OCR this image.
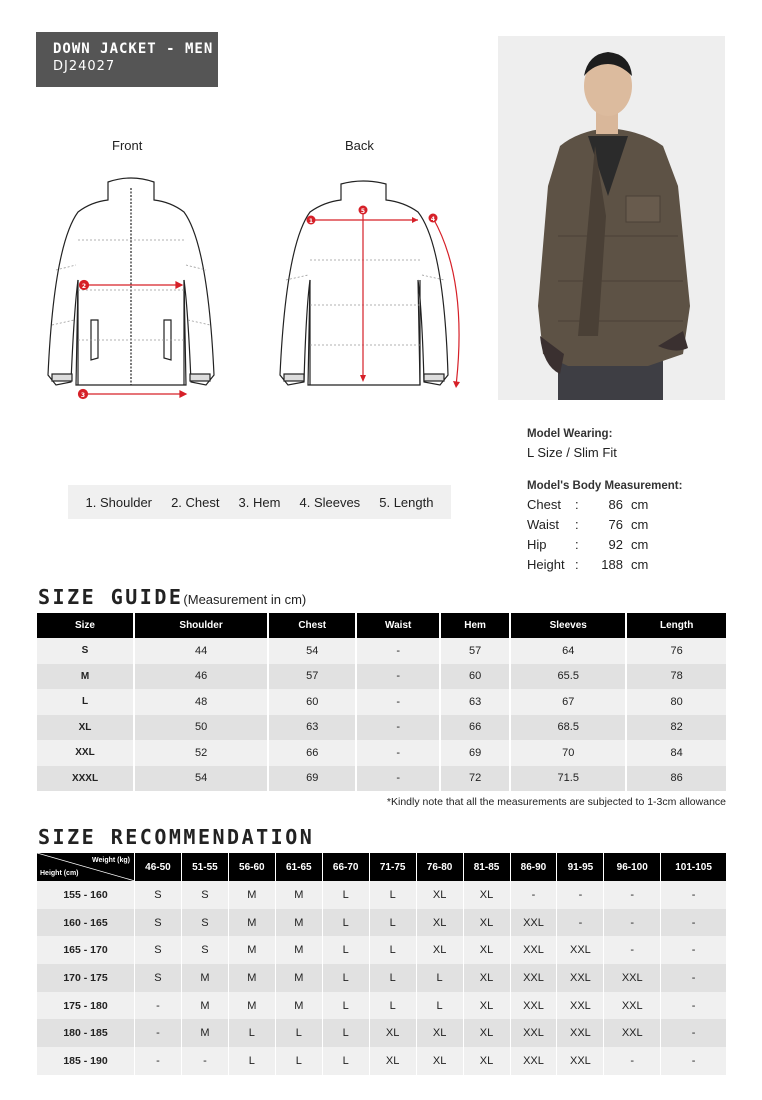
DOWN JACKET - MEN
DJ24027
Front	Back
2
3
1
5
4
1. Shoulder 2. Chest 3. Hem 4. Sleeves 5. Length
Model Wearing:
L Size / Slim Fit
Model's Body Measurement:
Chest	:	86 cm
Waist	:	76 cm
Hip	:	92 cm
Height :	188 cm
SIZE GUIDE(Measurement in cm)
Size	Shoulder	Chest	Waist	Hem	Sleeves	Length
S	44	54	-	57	64	76
M	46	57	-	60	65.5	78
L	48	60	-	63	67	80
XL	50	63	-	66	68.5	82
XXL	52	66	-	69	70	84
XXXL	54	69	-	72	71.5	86
*Kindly note that all the measurements are subjected to 1-3cm allowance
SIZE RECOMMENDATION
Weight (kg)
Height (cm)	46-50	51-55	56-60	61-65	66-70	71-75	76-80	81-85	86-90	91-95	96-100	101-105
155 - 160	S	S	M	M	L	L	XL	XL	-	-	-	-
160 - 165	S	S	M	M	L	L	XL	XL	XXL	-	-	-
165 - 170	S	S	M	M	L	L	XL	XL	XXL	XXL	-	-
170 - 175	S	M	M	M	L	L	L	XL	XXL	XXL	XXL	-
175 - 180	-	M	M	M	L	L	L	XL	XXL	XXL	XXL	-
180 - 185	-	M	L	L	L	XL	XL	XL	XXL	XXL	XXL	-
185 - 190	-	-	L	L	L	XL	XL	XL	XXL	XXL	-	-
